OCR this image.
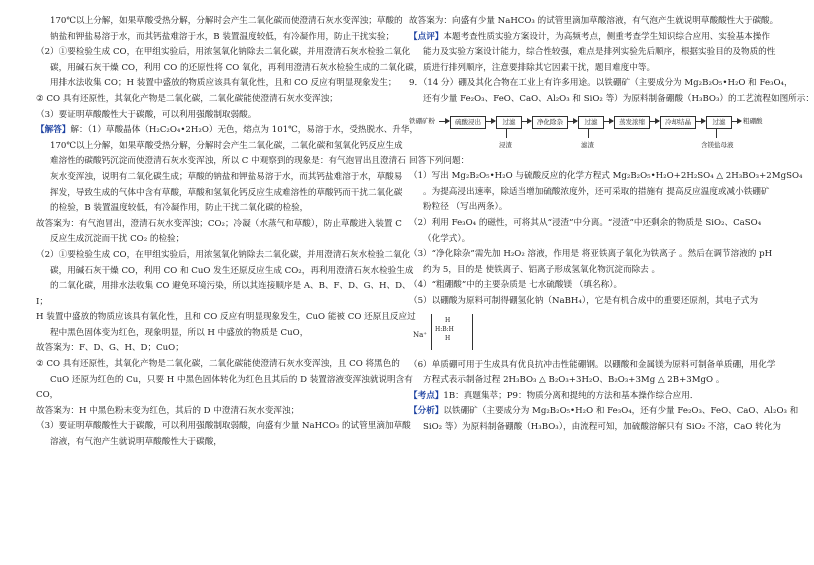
170℃以上分解，如果草酸受热分解，分解时会产生二氧化碳而使澄清石灰水变浑浊；草酸的
钠盐和钾盐易溶于水，而其钙盐难溶于水，B 装置温度较低，有冷凝作用，防止干扰实验；
（2）①要检验生成 CO，在甲组实验后，用浓氢氧化钠除去二氧化碳，并用澄清石灰水检验二氧化
碳，用碱石灰干燥 CO，利用 CO 的还原性将 CO 氧化，再利用澄清石灰水检验生成的二氧化碳，
用排水法收集 CO；H 装置中盛放的物质应该具有氧化性，且和 CO 反应有明显现象发生；
② CO 具有还原性，其氧化产物是二氧化碳，二氧化碳能使澄清石灰水变浑浊；
（3）要证明草酸酸性大于碳酸，可以利用强酸制取弱酸。
【解答】解：（1）草酸晶体（H₂C₂O₄•2H₂O）无色，熔点为 101℃，易溶于水，受热脱水、升华，
170℃以上分解，如果草酸受热分解，分解时会产生二氧化碳，二氧化碳和氢氧化钙反应生成
难溶性的碳酸钙沉淀而使澄清石灰水变浑浊，所以 C 中观察到的现象是：有气泡冒出且澄清石
灰水变浑浊，说明有二氧化碳生成；草酸的钠盐和钾盐易溶于水，而其钙盐难溶于水，草酸易
挥发，导致生成的气体中含有草酸，草酸和氢氧化钙反应生成难溶性的草酸钙而干扰二氧化碳
的检验，B 装置温度较低，有冷凝作用，防止干扰二氧化碳的检验，
故答案为：有气泡冒出，澄清石灰水变浑浊；CO₂；冷凝（水蒸气和草酸），防止草酸进入装置 C
反应生成沉淀而干扰 CO₂ 的检验；
（2）①要检验生成 CO，在甲组实验后，用浓氢氧化钠除去二氧化碳，并用澄清石灰水检验二氧化
碳，用碱石灰干燥 CO，利用 CO 和 CuO 发生还原反应生成 CO₂，再利用澄清石灰水检验生成
的二氧化碳，用排水法收集 CO 避免环境污染，所以其连接顺序是 A、B、F、D、G、H、D、
I；
H 装置中盛放的物质应该具有氧化性，且和 CO 反应有明显现象发生，CuO 能被 CO 还原且反应过
程中黑色固体变为红色，现象明显，所以 H 中盛放的物质是 CuO，
故答案为：F、D、G、H、D；CuO；
② CO 具有还原性，其氧化产物是二氧化碳，二氧化碳能使澄清石灰水变浑浊，且 CO 将黑色的
CuO 还原为红色的 Cu，只要 H 中黑色固体转化为红色且其后的 D 装置溶液变浑浊就说明含有
CO，
故答案为：H 中黑色粉末变为红色，其后的 D 中澄清石灰水变浑浊；
（3）要证明草酸酸性大于碳酸，可以利用强酸制取弱酸，向盛有少量 NaHCO₃ 的试管里滴加草酸
溶液，有气泡产生就说明草酸酸性大于碳酸，
故答案为：向盛有少量 NaHCO₃ 的试管里滴加草酸溶液，有气泡产生就说明草酸酸性大于碳酸。
【点评】本题考查性质实验方案设计，为高频考点，侧重考查学生知识综合应用、实验基本操作
能力及实验方案设计能力，综合性较强，难点是排列实验先后顺序，根据实验目的及物质的性
质进行排列顺序，注意要排除其它因素干扰，题目难度中等。
9．（14 分）硼及其化合物在工业上有许多用途。以铁硼矿（主要成分为 Mg₂B₂O₅•H₂O 和 Fe₃O₄，
还有少量 Fe₂O₃、FeO、CaO、Al₂O₃ 和 SiO₂ 等）为原料制备硼酸（H₃BO₃）的工艺流程如图所示：
铁硼矿粉	硫酸浸出	过滤	净化除杂	过滤	蒸发浓缩	冷却结晶	过滤
浸渣	滤渣	含镁盐母液
粗硼酸
回答下列问题：
（1）写出 Mg₂B₂O₅•H₂O 与硫酸反应的化学方程式 Mg₂B₂O₅•H₂O+2H₂SO₄ △ 2H₃BO₃+2MgSO₄
。为提高浸出速率，除适当增加硫酸浓度外，还可采取的措施有 提高反应温度或减小铁硼矿
粉粒径 （写出两条）。
（2）利用 Fe₃O₄ 的磁性，可将其从“浸渣”中分离。“浸渣”中还剩余的物质是 SiO₂、CaSO₄
（化学式）。
（3）“净化除杂”需先加 H₂O₂ 溶液，作用是 将亚铁离子氧化为铁离子 。然后在调节溶液的 pH
约为 5，目的是 使铁离子、铝离子形成氢氧化物沉淀而除去 。
（4）“粗硼酸”中的主要杂质是 七水硫酸镁 （填名称）。
（5）以硼酸为原料可制得硼氢化钠（NaBH₄），它是有机合成中的重要还原剂，其电子式为
Na⁺
H
H:B:H
H
（6）单质硼可用于生成具有优良抗冲击性能硼钢。以硼酸和金属镁为原料可制备单质硼，用化学
方程式表示制备过程 2H₃BO₃ △ B₂O₃+3H₂O、B₂O₃+3Mg △ 2B+3MgO 。
【考点】1B：真题集萃；P9：物质分离和提纯的方法和基本操作综合应用．
【分析】以铁硼矿（主要成分为 Mg₂B₂O₅•H₂O 和 Fe₃O₄，还有少量 Fe₂O₃、FeO、CaO、Al₂O₃ 和
SiO₂ 等）为原料制备硼酸（H₃BO₃），由流程可知，加硫酸溶解只有 SiO₂ 不溶，CaO 转化为
